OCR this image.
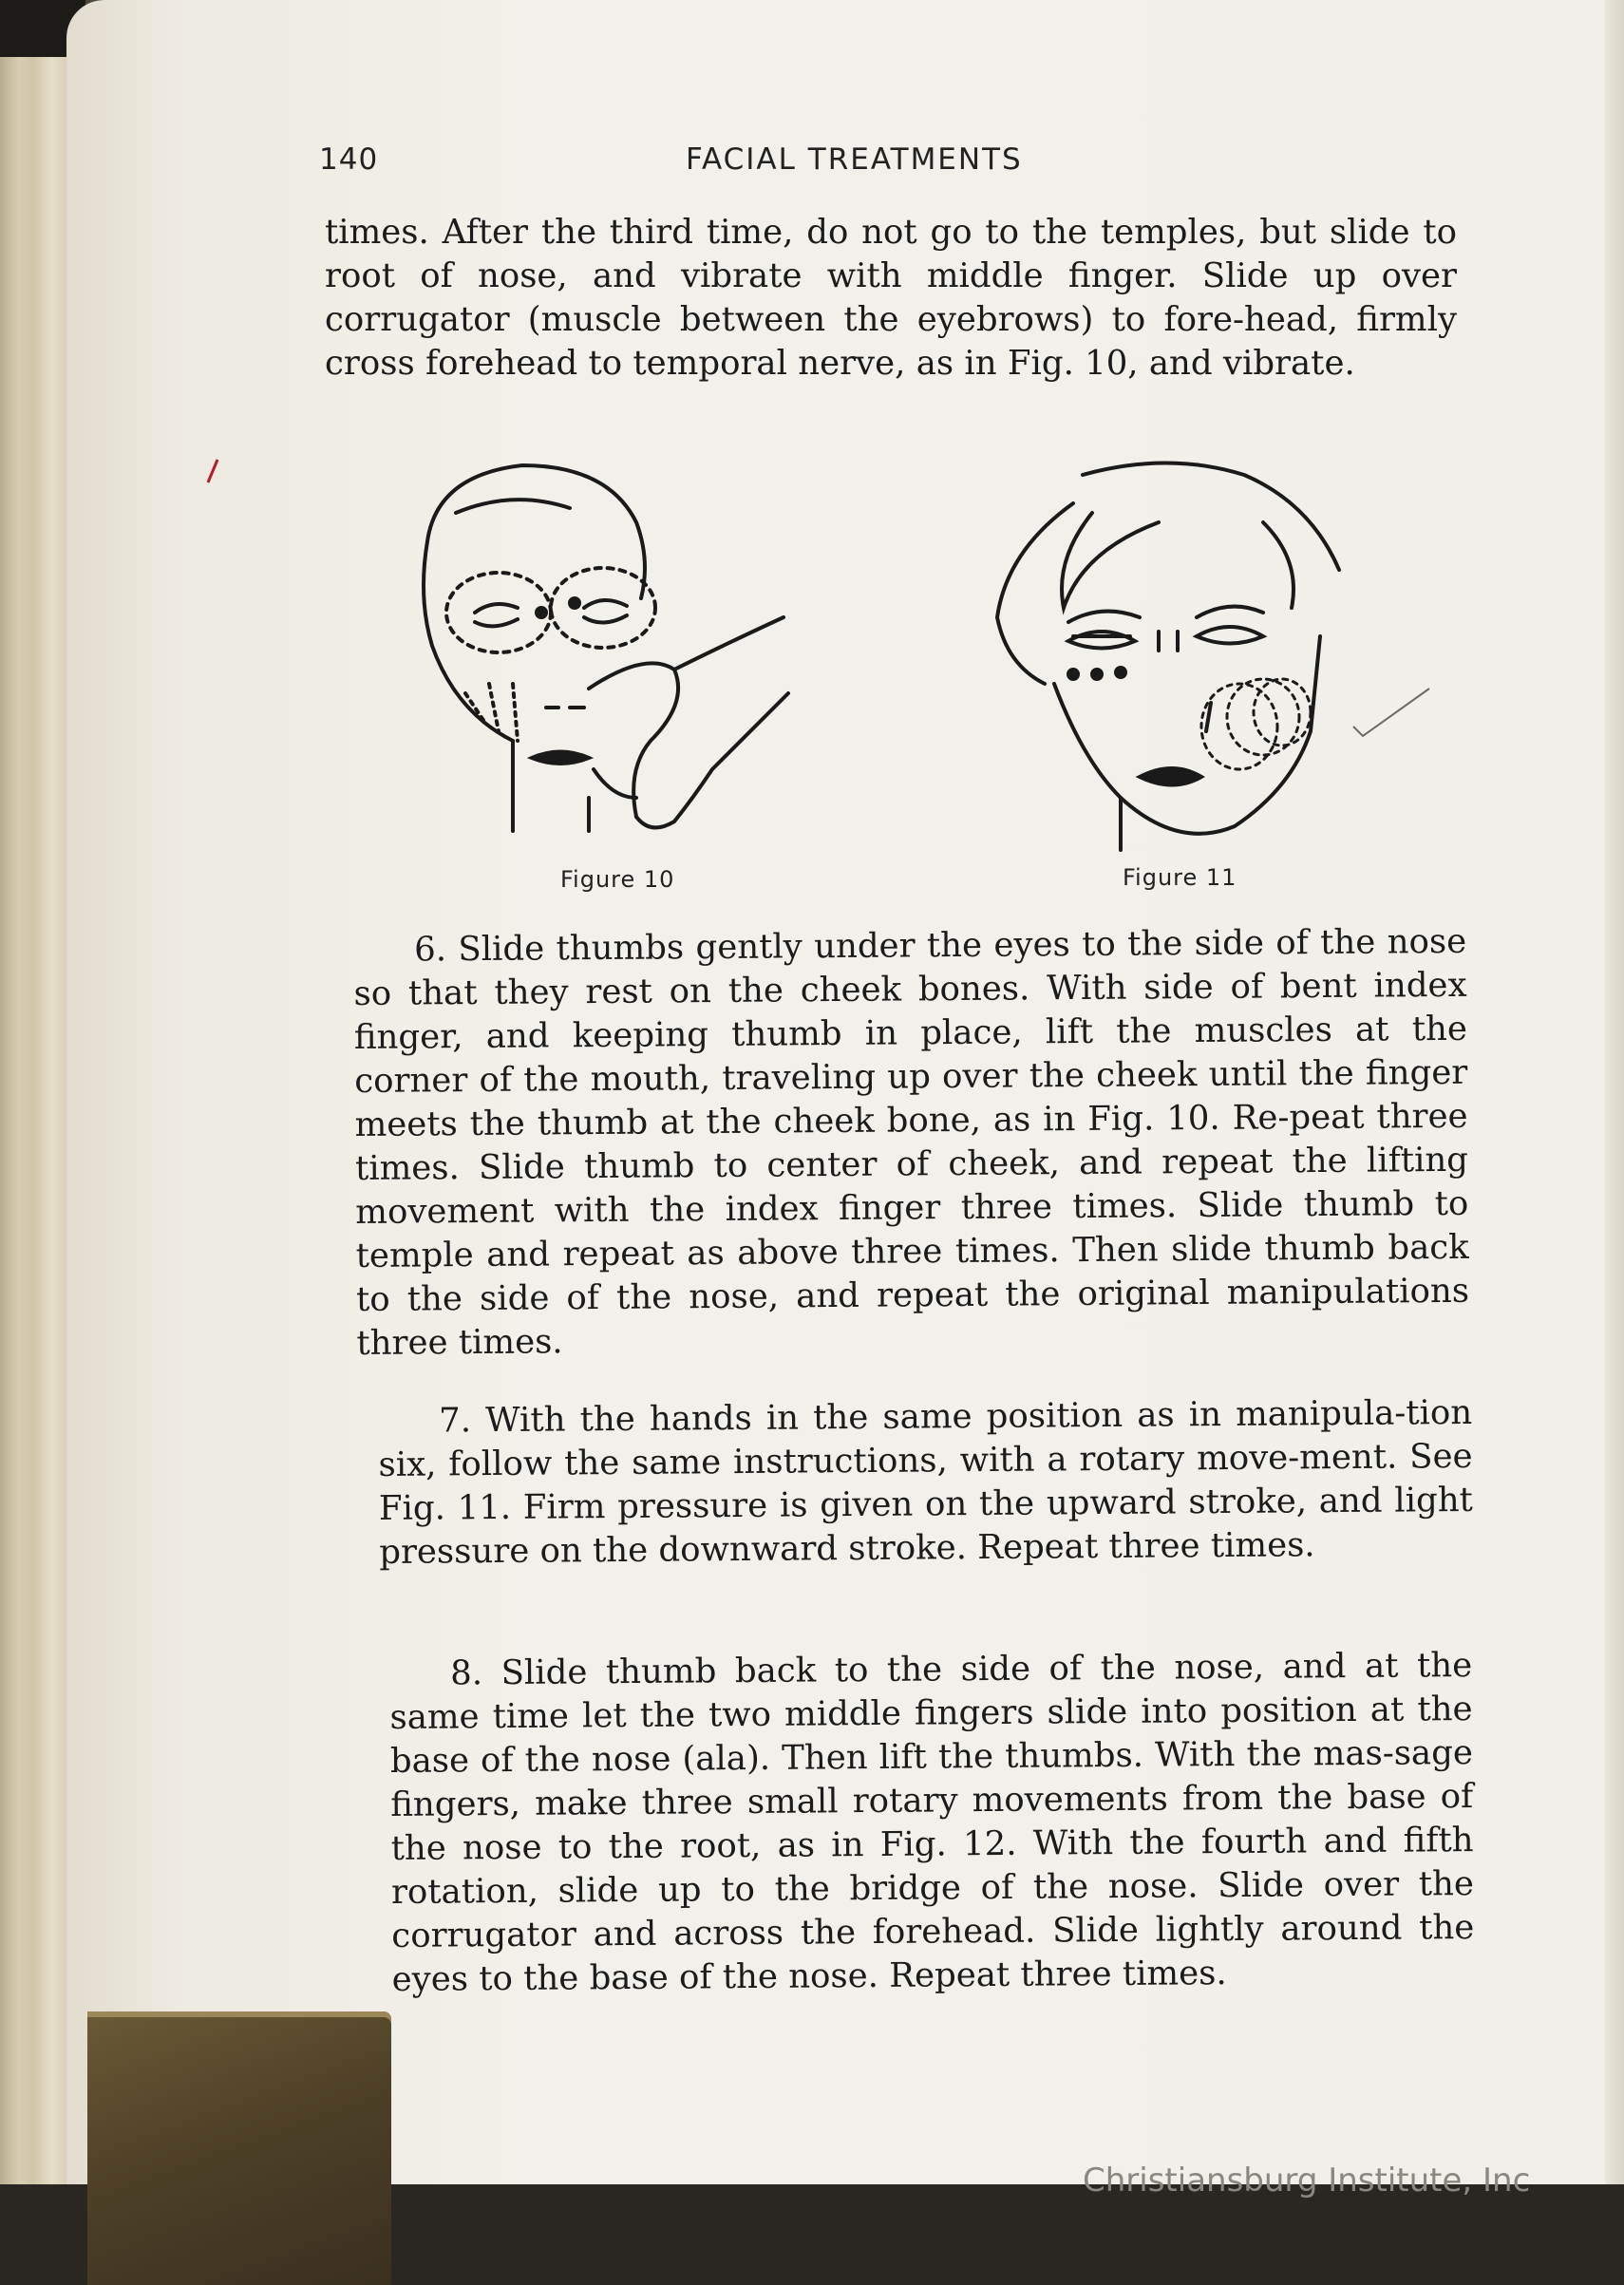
140	FACIAL TREATMENTS

times. After the third time, do not go to the temples, but slide to root of nose, and vibrate with middle finger. Slide up over corrugator (muscle between the eyebrows) to fore-head, firmly cross forehead to temporal nerve, as in Fig. 10, and vibrate.

Figure 10	Figure 11

6. Slide thumbs gently under the eyes to the side of the nose so that they rest on the cheek bones. With side of bent index finger, and keeping thumb in place, lift the muscles at the corner of the mouth, traveling up over the cheek until the finger meets the thumb at the cheek bone, as in Fig. 10. Re-peat three times. Slide thumb to center of cheek, and repeat the lifting movement with the index finger three times. Slide thumb to temple and repeat as above three times. Then slide thumb back to the side of the nose, and repeat the original manipulations three times.

7. With the hands in the same position as in manipula-tion six, follow the same instructions, with a rotary move-ment. See Fig. 11. Firm pressure is given on the upward stroke, and light pressure on the downward stroke. Repeat three times.

8. Slide thumb back to the side of the nose, and at the same time let the two middle fingers slide into position at the base of the nose (ala). Then lift the thumbs. With the mas-sage fingers, make three small rotary movements from the base of the nose to the root, as in Fig. 12. With the fourth and fifth rotation, slide up to the bridge of the nose. Slide over the corrugator and across the forehead. Slide lightly around the eyes to the base of the nose. Repeat three times.

Christiansburg Institute, Inc
